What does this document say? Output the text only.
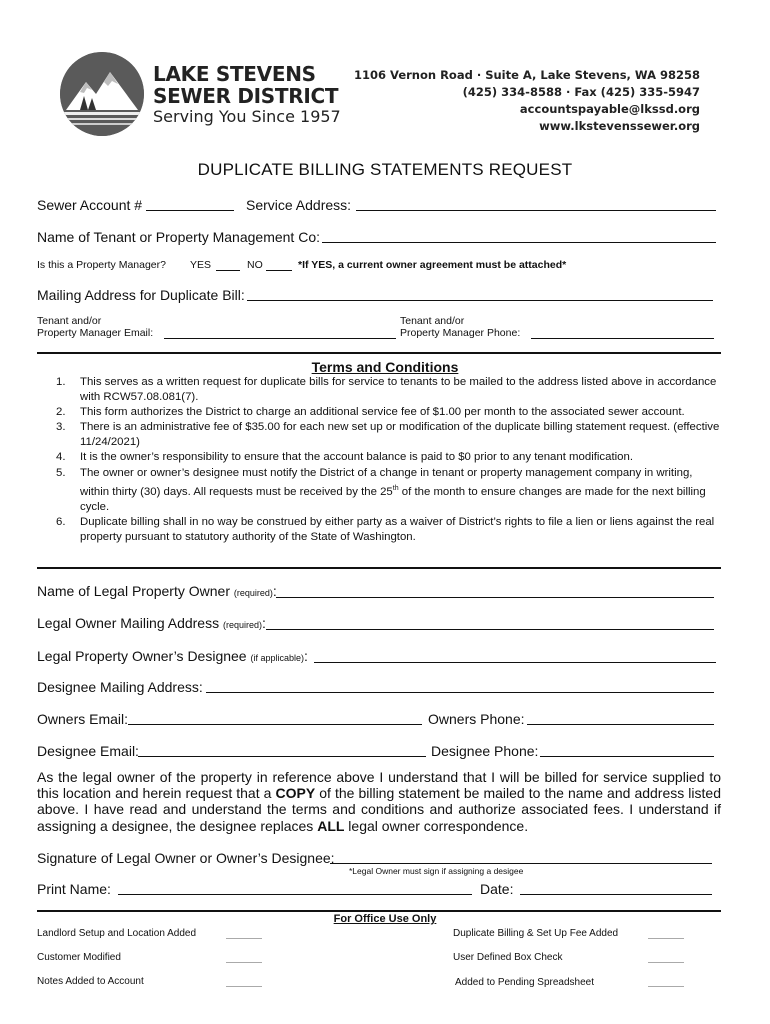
LAKE STEVENS
SEWER DISTRICT
Serving You Since 1957
1106 Vernon Road · Suite A, Lake Stevens, WA 98258
(425) 334-8588 · Fax (425) 335-5947
accountspayable@lkssd.org
www.lkstevenssewer.org
DUPLICATE BILLING STATEMENTS REQUEST
Sewer Account #	Service Address:
Name of Tenant or Property Management Co:
Is this a Property Manager? YES	NO	*If YES, a current owner agreement must be attached*
Mailing Address for Duplicate Bill:
Tenant and/or
Property Manager Email:
Tenant and/or
Property Manager Phone:
Terms and Conditions
1. This serves as a written request for duplicate bills for service to tenants to be mailed to the address listed above in accordance with RCW57.08.081(7).
2. This form authorizes the District to charge an additional service fee of $1.00 per month to the associated sewer account.
3. There is an administrative fee of $35.00 for each new set up or modification of the duplicate billing statement request. (effective 11/24/2021)
4. It is the owner’s responsibility to ensure that the account balance is paid to $0 prior to any tenant modification.
5. The owner or owner’s designee must notify the District of a change in tenant or property management company in writing, within thirty (30) days. All requests must be received by the 25th of the month to ensure changes are made for the next billing cycle.
6. Duplicate billing shall in no way be construed by either party as a waiver of District’s rights to file a lien or liens against the real property pursuant to statutory authority of the State of Washington.
Name of Legal Property Owner (required):
Legal Owner Mailing Address (required):
Legal Property Owner’s Designee (if applicable):
Designee Mailing Address:
Owners Email:	Owners Phone:
Designee Email:	Designee Phone:
As the legal owner of the property in reference above I understand that I will be billed for service supplied to this location and herein request that a COPY of the billing statement be mailed to the name and address listed above. I have read and understand the terms and conditions and authorize associated fees. I understand if assigning a designee, the designee replaces ALL legal owner correspondence.
Signature of Legal Owner or Owner’s Designee:
*Legal Owner must sign if assigning a desigee
Print Name:	Date:
For Office Use Only
Landlord Setup and Location Added	Duplicate Billing & Set Up Fee Added
Customer Modified	User Defined Box Check
Notes Added to Account	Added to Pending Spreadsheet
